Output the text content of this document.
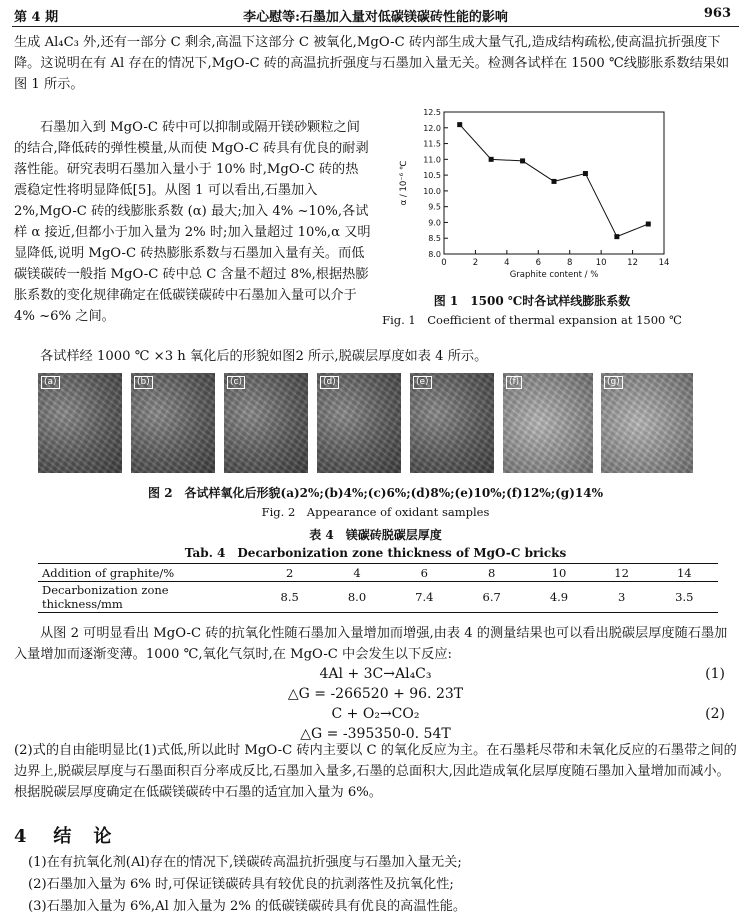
第 4 期	李心慰等:石墨加入量对低碳镁碳砖性能的影响	963

生成 Al₄C₃ 外,还有一部分 C 剩余,高温下这部分 C 被氧化,MgO-C 砖内部生成大量气孔,造成结构疏松,使高温抗折强度下降。这说明在有 Al 存在的情况下,MgO-C 砖的高温抗折强度与石墨加入量无关。检测各试样在 1500 ℃线膨胀系数结果如图 1 所示。

石墨加入到 MgO-C 砖中可以抑制或隔开镁砂颗粒之间的结合,降低砖的弹性模量,从而使 MgO-C 砖具有优良的耐剥落性能。研究表明石墨加入量小于 10% 时,MgO-C 砖的热震稳定性将明显降低[5]。从图 1 可以看出,石墨加入 2%,MgO-C 砖的线膨胀系数 (α) 最大;加入 4% ~10%,各试样 α 接近,但都小于加入量为 2% 时;加入量超过 10%,α 又明显降低,说明 MgO-C 砖热膨胀系数与石墨加入量有关。而低碳镁碳砖一般指 MgO-C 砖中总 C 含量不超过 8%,根据热膨胀系数的变化规律确定在低碳镁碳砖中石墨加入量可以介于 4% ~6% 之间。

0	2	4	6	8	10 12 14
8.0
8.5
9.0
9.5
10.0
10.5
11.0
11.5
12.0
12.5
Graphite content / %
α / 10⁻⁶ ℃
图 1　1500 ℃时各试样线膨胀系数
Fig. 1　Coefficient of thermal expansion at 1500 ℃

各试样经 1000 ℃ ×3 h 氧化后的形貌如图2 所示,脱碳层厚度如表 4 所示。

(a)	(b)	(c)	(d)	(e)	(f)	(g)
图 2　各试样氧化后形貌(a)2%;(b)4%;(c)6%;(d)8%;(e)10%;(f)12%;(g)14%
Fig. 2　Appearance of oxidant samples
表 4　镁碳砖脱碳层厚度
Tab. 4　Decarbonization zone thickness of MgO-C bricks
Addition of graphite/%	2	4	6	8	10	12	14
Decarbonization zone thickness/mm	8.5	8.0	7.4	6.7	4.9	3	3.5

从图 2 可明显看出 MgO-C 砖的抗氧化性随石墨加入量增加而增强,由表 4 的测量结果也可以看出脱碳层厚度随石墨加入量增加而逐渐变薄。1000 ℃,氧化气氛时,在 MgO-C 中会发生以下反应:

4Al + 3C→Al₄C₃	(1)
△G = -266520 + 96. 23T
C + O₂→CO₂	(2)
△G = -395350-0. 54T

(2)式的自由能明显比(1)式低,所以此时 MgO-C 砖内主要以 C 的氧化反应为主。在石墨耗尽带和未氧化反应的石墨带之间的边界上,脱碳层厚度与石墨面积百分率成反比,石墨加入量多,石墨的总面积大,因此造成氧化层厚度随石墨加入量增加而减小。根据脱碳层厚度确定在低碳镁碳砖中石墨的适宜加入量为 6%。

4 结　论
(1)在有抗氧化剂(Al)存在的情况下,镁碳砖高温抗折强度与石墨加入量无关;
(2)石墨加入量为 6% 时,可保证镁碳砖具有较优良的抗剥落性及抗氧化性;
(3)石墨加入量为 6%,Al 加入量为 2% 的低碳镁碳砖具有优良的高温性能。
